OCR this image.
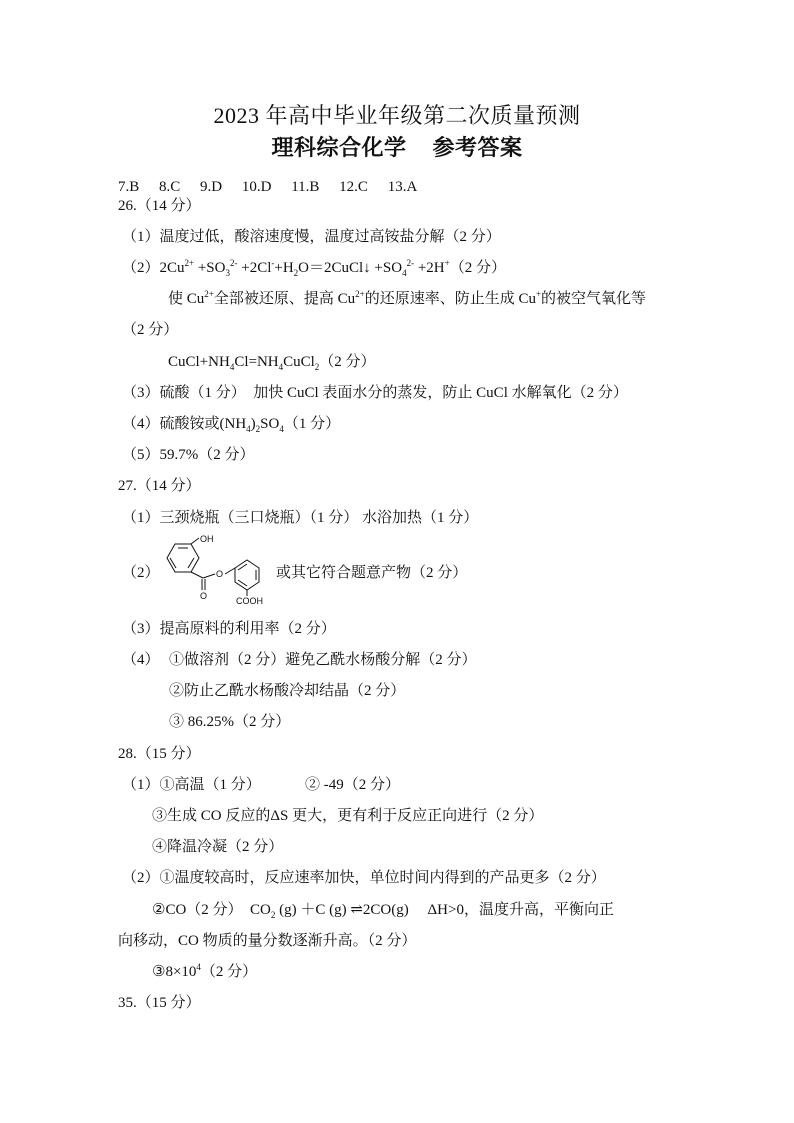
2023 年高中毕业年级第二次质量预测
理科综合化学 参考答案
7.B 8.C 9.D 10.D 11.B 12.C 13.A
26.（14 分）
（1）温度过低，酸溶速度慢，温度过高铵盐分解（2 分）
$(2)2Cu^{2+} +SO_3^{2-}$ $+2Cl^-+H_2O=2CuCl↓ +SO_4^{2-} +2H^+(2$ 分）
使 $Cu^{2+}$全部被还原、提高 $Cu^{2+}$的还原速率、防止生成 Cu+的被空气氧化等
（2 分）
$CuCl+NH_4Cl=NH_4CuCl_2(2$ 分）
（3）硫酸（1 分）　加快 CuCl 表面水分的蒸发，防止 CuCl 水解氧化（2 分）
（4）硫酸铵或$(NH_4)_2SO_4(1$ 分）
（5）59.7%（2 分）
27.（14 分）
（1）三颈烧瓶（三口烧瓶）（1 分） 水浴加热（1 分）
（2）
OH
O
O	COOH
或其它符合题意产物（2 分）
（3）提高原料的利用率（2 分）
（4） ①做溶剂（2 分）避免乙酰水杨酸分解（2 分）
②防止乙酰水杨酸冷却结晶（2 分）
③ 86.25%（2 分）
28.（15 分）
（1）①高温（1 分）	② -49（2 分）
③生成 CO 反应的ΔS 更大，更有利于反应正向进行（2 分）
④降温冷凝（2 分）
（2）①温度较高时，反应速率加快，单位时间内得到的产品更多（2 分）
②CO（2 分）　$CO_2$ (g) ＋C (g) ⇌2CO(g)　 ΔH>0，温度升高，平衡向正
向移动，CO 物质的量分数逐渐升高。（2 分）
$③8\times 10^4(2$ 分）
35.（15 分）
